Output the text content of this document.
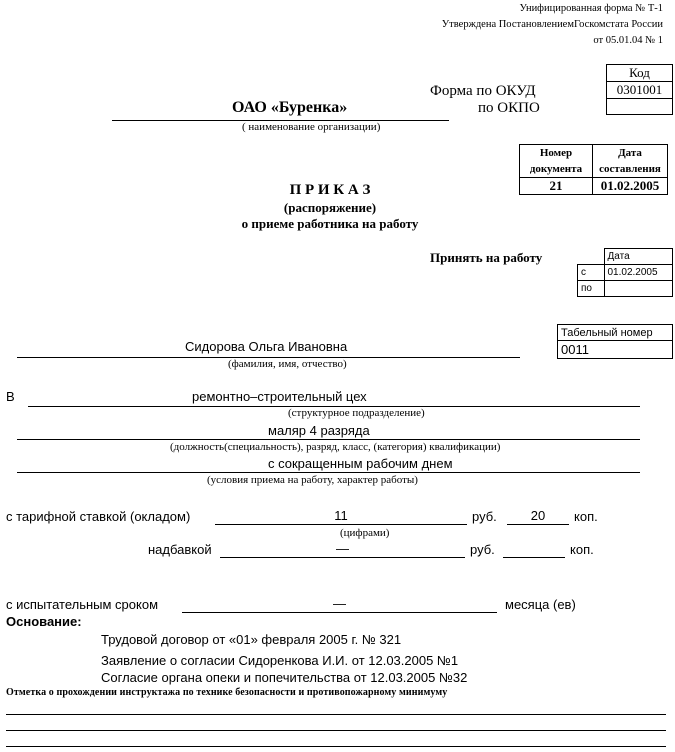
Унифицированная форма № Т-1
Утверждена ПостановлениемГоскомстата России
от 05.01.04 № 1
Код
0301001

Форма по ОКУД
по ОКПО
ОАО «Буренка»
( наименование организации)
Номер документа	Дата составления
21	01.02.2005
П Р И К А З
(распоряжение)
о приеме работника на работу
Принять на работу
		Дата
с	01.02.2005
по	
Табельный номер
0011
Сидорова Ольга Ивановна
(фамилия, имя, отчество)
В	ремонтно–строительный цех
(структурное подразделение)
маляр 4 разряда
(должность(специальность), разряд, класс, (категория) квалификации)
с сокращенным рабочим днем
(условия приема на работу, характер работы)
с тарифной ставкой (окладом)	11	руб.	20	коп.
(цифрами)
надбавкой	—	руб.	коп.
с испытательным сроком	—	месяца (ев)
Основание:
Трудовой договор от «01» февраля 2005 г. № 321
Заявление о согласии Сидоренкова И.И. от 12.03.2005 №1
Согласие органа опеки и попечительства от 12.03.2005 №32
Отметка о прохождении инструктажа по технике безопасности и противопожарному минимуму
